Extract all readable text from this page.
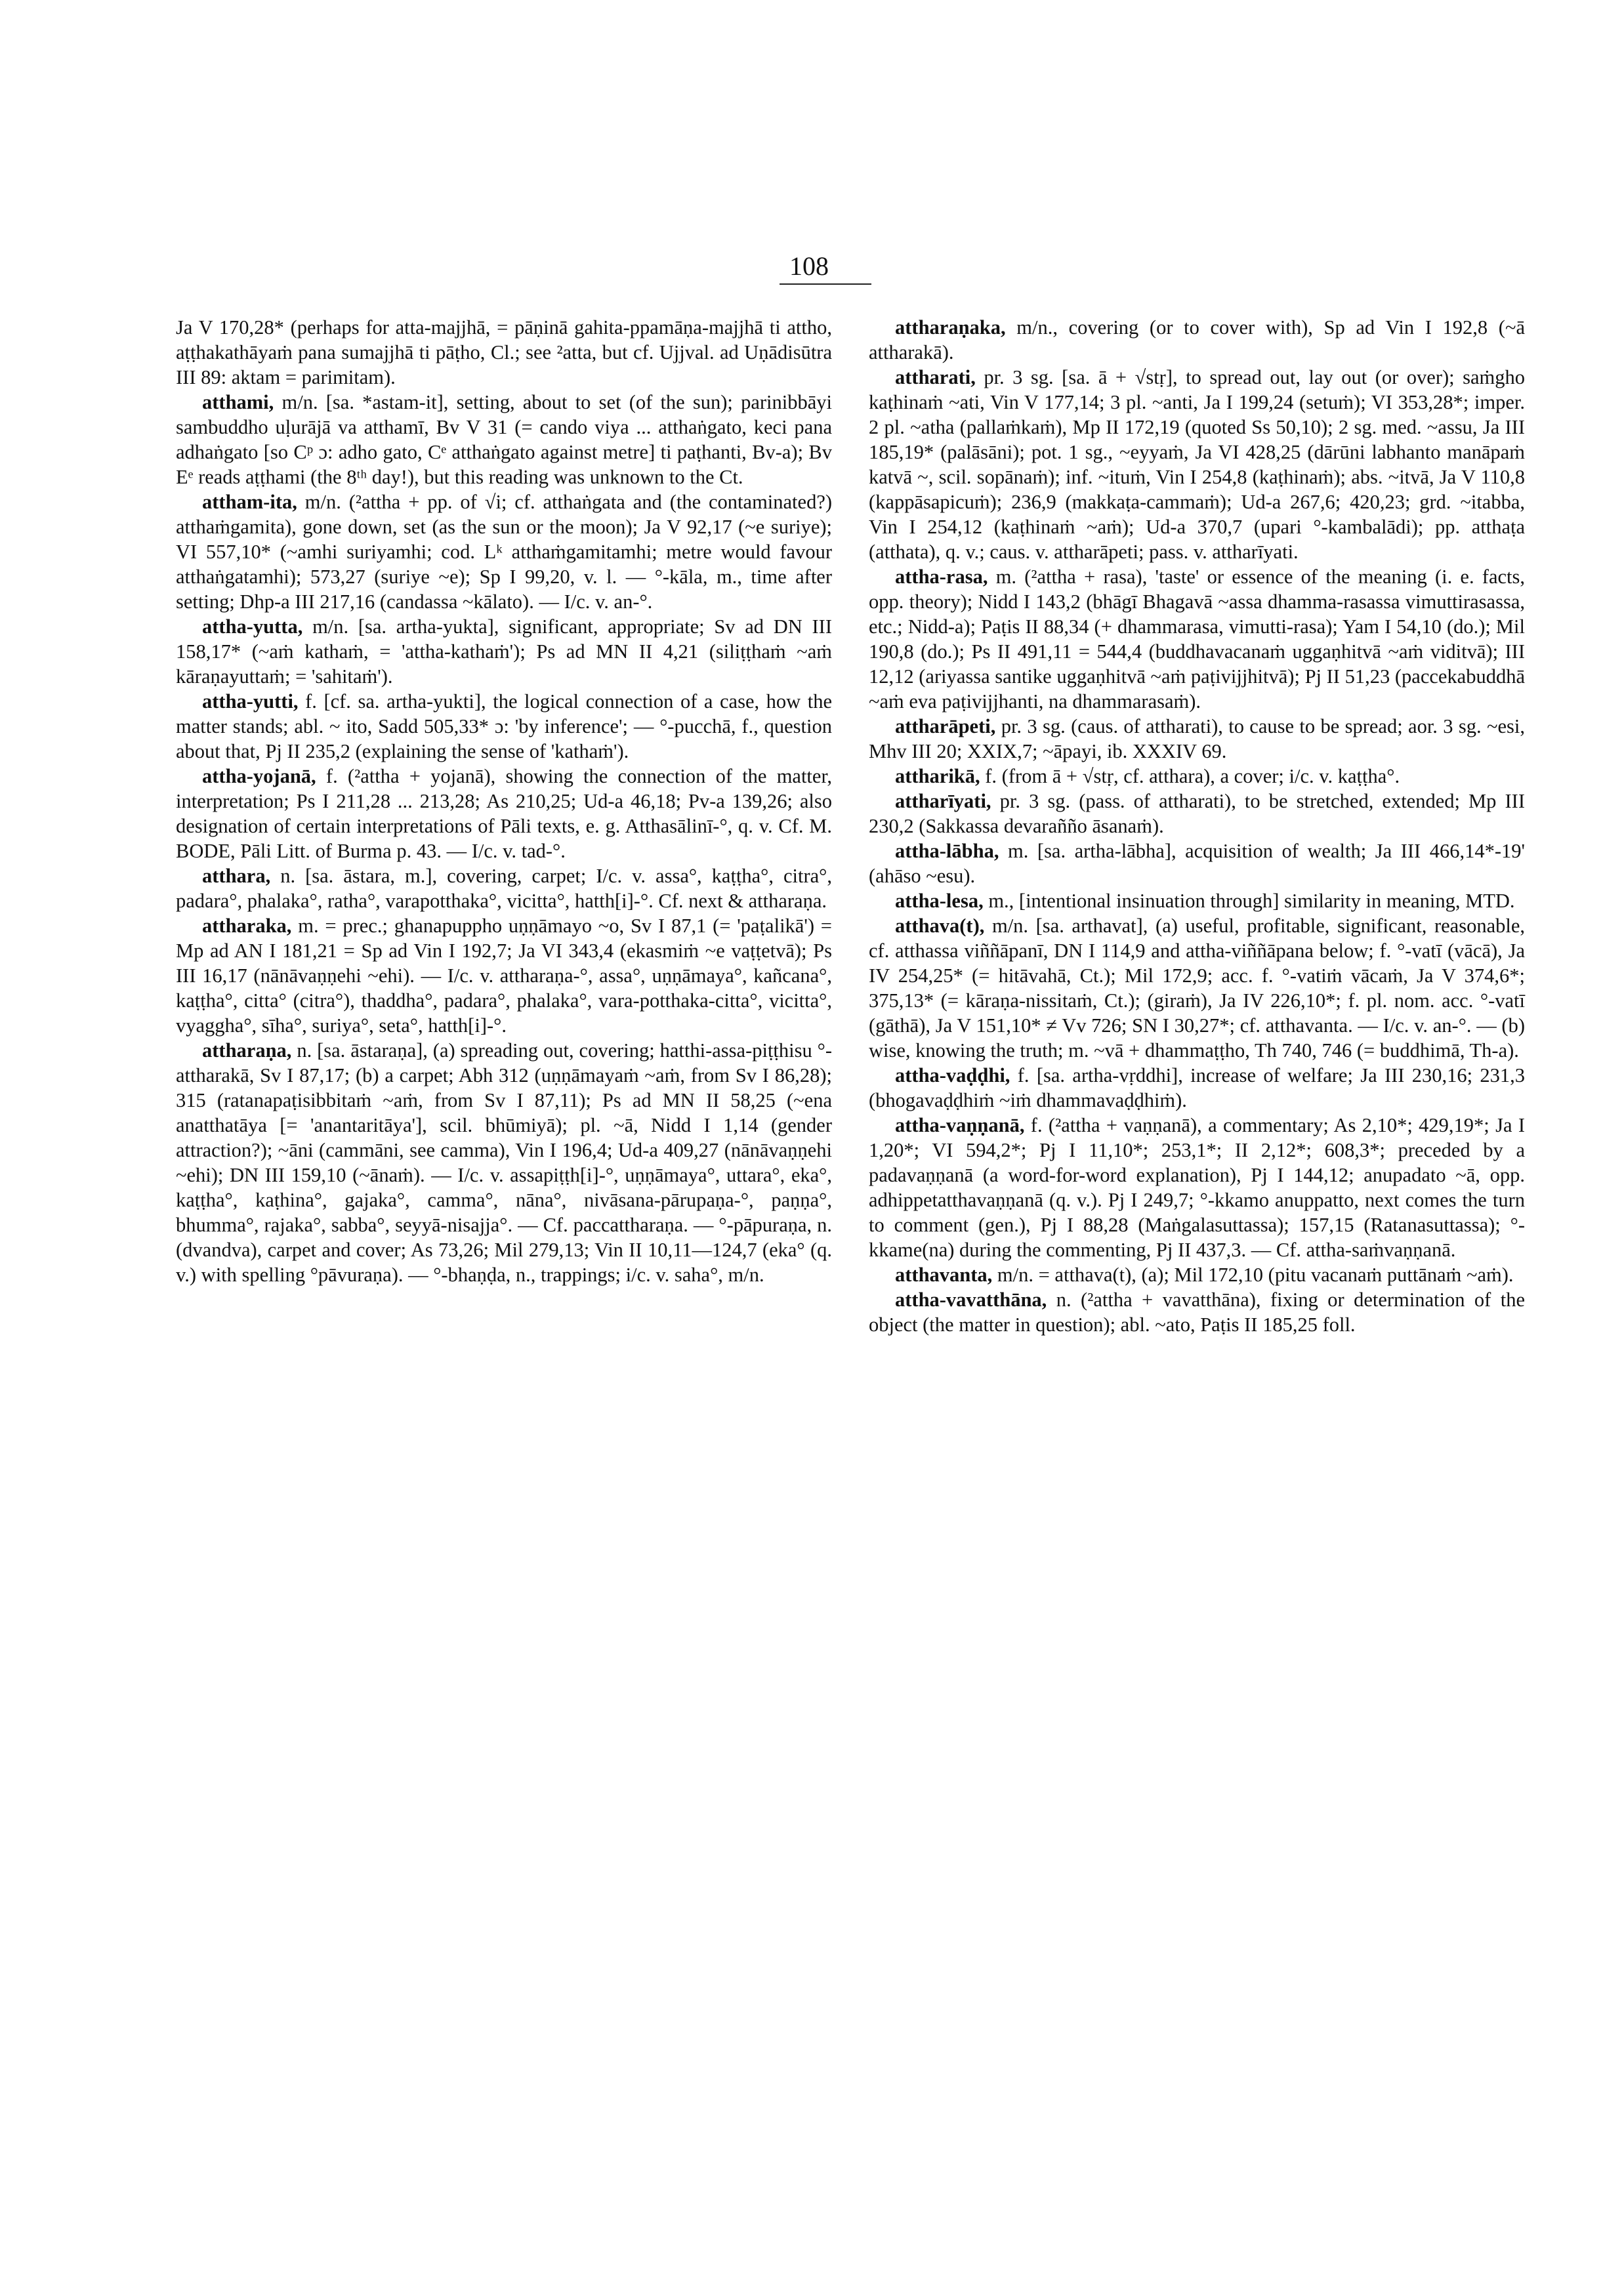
108

Ja V 170,28* (perhaps for atta-majjhā, = pāṇinā gahita-ppamāṇa-majjhā ti attho, aṭṭhakathāyaṁ pana sumajjhā ti pāṭho, Cl.; see ²atta, but cf. Ujjval. ad Uṇādisūtra III 89: aktam = parimitam).

atthami, m/n. [sa. *astam-it], setting, about to set (of the sun); parinibbāyi sambuddho uḷurājā va atthamī, Bv V 31 (= cando viya ... atthaṅgato, keci pana adhaṅgato [so Cᵖ ɔ: adho gato, Cᵉ atthaṅgato against metre] ti paṭhanti, Bv-a); Bv Eᵉ reads aṭṭhami (the 8ᵗʰ day!), but this reading was unknown to the Ct.

attham-ita, m/n. (²attha + pp. of √i; cf. atthaṅgata and (the contaminated?) atthaṁgamita), gone down, set (as the sun or the moon); Ja V 92,17 (~e suriye); VI 557,10* (~amhi suriyamhi; cod. Lᵏ atthaṁgamitamhi; metre would favour atthaṅgatamhi); 573,27 (suriye ~e); Sp I 99,20, v. l. — °-kāla, m., time after setting; Dhp-a III 217,16 (candassa ~kālato). — I/c. v. an-°.

attha-yutta, m/n. [sa. artha-yukta], significant, appropriate; Sv ad DN III 158,17* (~aṁ kathaṁ, = 'attha-kathaṁ'); Ps ad MN II 4,21 (siliṭṭhaṁ ~aṁ kāraṇayuttaṁ; = 'sahitaṁ').

attha-yutti, f. [cf. sa. artha-yukti], the logical connection of a case, how the matter stands; abl. ~ ito, Sadd 505,33* ɔ: 'by inference'; — °-pucchā, f., question about that, Pj II 235,2 (explaining the sense of 'kathaṁ').

attha-yojanā, f. (²attha + yojanā), showing the connection of the matter, interpretation; Ps I 211,28 ... 213,28; As 210,25; Ud-a 46,18; Pv-a 139,26; also designation of certain interpretations of Pāli texts, e. g. Atthasālinī-°, q. v. Cf. M. BODE, Pāli Litt. of Burma p. 43. — I/c. v. tad-°.

atthara, n. [sa. āstara, m.], covering, carpet; I/c. v. assa°, kaṭṭha°, citra°, padara°, phalaka°, ratha°, varapotthaka°, vicitta°, hatth[i]-°. Cf. next & attharaṇa.

attharaka, m. = prec.; ghanapuppho uṇṇāmayo ~o, Sv I 87,1 (= 'paṭalikā') = Mp ad AN I 181,21 = Sp ad Vin I 192,7; Ja VI 343,4 (ekasmiṁ ~e vaṭṭetvā); Ps III 16,17 (nānāvaṇṇehi ~ehi). — I/c. v. attharaṇa-°, assa°, uṇṇāmaya°, kañcana°, kaṭṭha°, citta° (citra°), thaddha°, padara°, phalaka°, vara-potthaka-citta°, vicitta°, vyaggha°, sīha°, suriya°, seta°, hatth[i]-°.

attharaṇa, n. [sa. āstaraṇa], (a) spreading out, covering; hatthi-assa-piṭṭhisu °-attharakā, Sv I 87,17; (b) a carpet; Abh 312 (uṇṇāmayaṁ ~aṁ, from Sv I 86,28); 315 (ratanapaṭisibbitaṁ ~aṁ, from Sv I 87,11); Ps ad MN II 58,25 (~ena anatthatāya [= 'anantaritāya'], scil. bhūmiyā); pl. ~ā, Nidd I 1,14 (gender attraction?); ~āni (cammāni, see camma), Vin I 196,4; Ud-a 409,27 (nānāvaṇṇehi ~ehi); DN III 159,10 (~ānaṁ). — I/c. v. assapiṭṭh[i]-°, uṇṇāmaya°, uttara°, eka°, kaṭṭha°, kaṭhina°, gajaka°, camma°, nāna°, nivāsana-pārupaṇa-°, paṇṇa°, bhumma°, rajaka°, sabba°, seyyā-nisajja°. — Cf. paccattharaṇa. — °-pāpuraṇa, n. (dvandva), carpet and cover; As 73,26; Mil 279,13; Vin II 10,11—124,7 (eka° (q. v.) with spelling °pāvuraṇa). — °-bhaṇḍa, n., trappings; i/c. v. saha°, m/n.

attharaṇaka, m/n., covering (or to cover with), Sp ad Vin I 192,8 (~ā attharakā).

attharati, pr. 3 sg. [sa. ā + √stṛ], to spread out, lay out (or over); saṁgho kaṭhinaṁ ~ati, Vin V 177,14; 3 pl. ~anti, Ja I 199,24 (setuṁ); VI 353,28*; imper. 2 pl. ~atha (pallaṁkaṁ), Mp II 172,19 (quoted Ss 50,10); 2 sg. med. ~assu, Ja III 185,19* (palāsāni); pot. 1 sg., ~eyyaṁ, Ja VI 428,25 (dārūni labhanto manāpaṁ katvā ~, scil. sopānaṁ); inf. ~ituṁ, Vin I 254,8 (kaṭhinaṁ); abs. ~itvā, Ja V 110,8 (kappāsapicuṁ); 236,9 (makkaṭa-cammaṁ); Ud-a 267,6; 420,23; grd. ~itabba, Vin I 254,12 (kaṭhinaṁ ~aṁ); Ud-a 370,7 (upari °-kambalādi); pp. atthaṭa (atthata), q. v.; caus. v. attharāpeti; pass. v. attharīyati.

attha-rasa, m. (²attha + rasa), 'taste' or essence of the meaning (i. e. facts, opp. theory); Nidd I 143,2 (bhāgī Bhagavā ~assa dhamma-rasassa vimuttirasassa, etc.; Nidd-a); Paṭis II 88,34 (+ dhammarasa, vimutti-rasa); Yam I 54,10 (do.); Mil 190,8 (do.); Ps II 491,11 = 544,4 (buddhavacanaṁ uggaṇhitvā ~aṁ viditvā); III 12,12 (ariyassa santike uggaṇhitvā ~aṁ paṭivijjhitvā); Pj II 51,23 (paccekabuddhā ~aṁ eva paṭivijjhanti, na dhammarasaṁ).

attharāpeti, pr. 3 sg. (caus. of attharati), to cause to be spread; aor. 3 sg. ~esi, Mhv III 20; XXIX,7; ~āpayi, ib. XXXIV 69.

attharikā, f. (from ā + √stṛ, cf. atthara), a cover; i/c. v. kaṭṭha°.

attharīyati, pr. 3 sg. (pass. of attharati), to be stretched, extended; Mp III 230,2 (Sakkassa devarañño āsanaṁ).

attha-lābha, m. [sa. artha-lābha], acquisition of wealth; Ja III 466,14*-19' (ahāso ~esu).

attha-lesa, m., [intentional insinuation through] similarity in meaning, MTD.

atthava(t), m/n. [sa. arthavat], (a) useful, profitable, significant, reasonable, cf. atthassa viññāpanī, DN I 114,9 and attha-viññāpana below; f. °-vatī (vācā), Ja IV 254,25* (= hitāvahā, Ct.); Mil 172,9; acc. f. °-vatiṁ vācaṁ, Ja V 374,6*; 375,13* (= kāraṇa-nissitaṁ, Ct.); (giraṁ), Ja IV 226,10*; f. pl. nom. acc. °-vatī (gāthā), Ja V 151,10* ≠ Vv 726; SN I 30,27*; cf. atthavanta. — I/c. v. an-°. — (b) wise, knowing the truth; m. ~vā + dhammaṭṭho, Th 740, 746 (= buddhimā, Th-a).

attha-vaḍḍhi, f. [sa. artha-vṛddhi], increase of welfare; Ja III 230,16; 231,3 (bhogavaḍḍhiṁ ~iṁ dhammavaḍḍhiṁ).

attha-vaṇṇanā, f. (²attha + vaṇṇanā), a commentary; As 2,10*; 429,19*; Ja I 1,20*; VI 594,2*; Pj I 11,10*; 253,1*; II 2,12*; 608,3*; preceded by a padavaṇṇanā (a word-for-word explanation), Pj I 144,12; anupadato ~ā, opp. adhippetatthavaṇṇanā (q. v.). Pj I 249,7; °-kkamo anuppatto, next comes the turn to comment (gen.), Pj I 88,28 (Maṅgalasuttassa); 157,15 (Ratanasuttassa); °-kkame(na) during the commenting, Pj II 437,3. — Cf. attha-saṁvaṇṇanā.

atthavanta, m/n. = atthava(t), (a); Mil 172,10 (pitu vacanaṁ puttānaṁ ~aṁ).

attha-vavatthāna, n. (²attha + vavatthāna), fixing or determination of the object (the matter in question); abl. ~ato, Paṭis II 185,25 foll.
